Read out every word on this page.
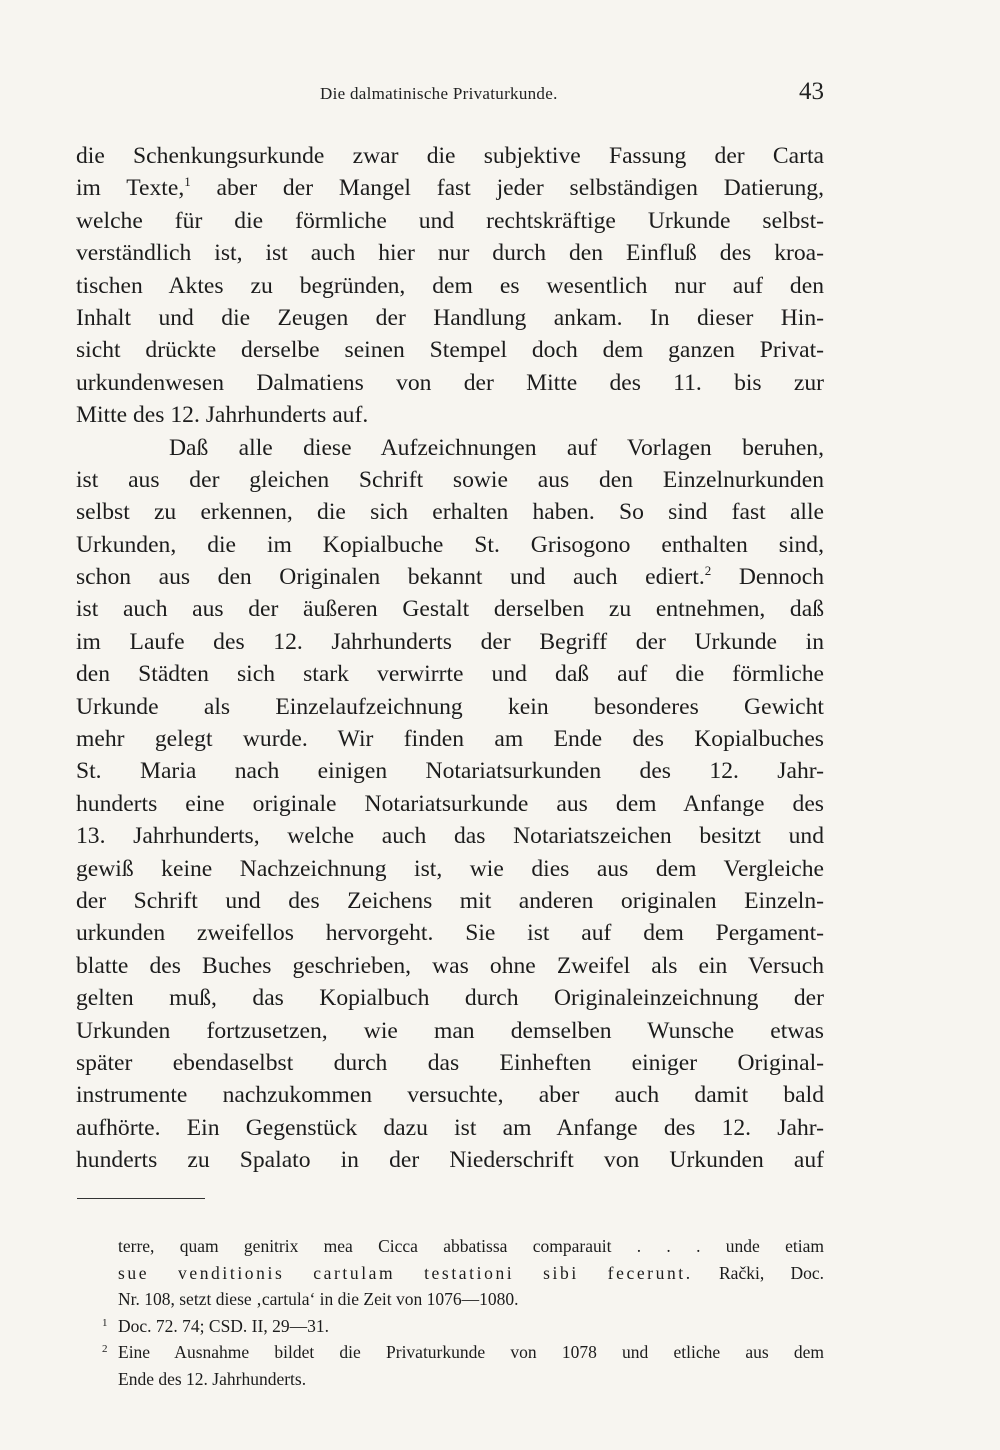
Die dalmatinische Privaturkunde.	43
die Schenkungsurkunde zwar die subjektive Fassung der Carta
im Texte,$^1$ aber der Mangel fast jeder selbständigen Datierung,
welche für die förmliche und rechtskräftige Urkunde selbst-
verständlich ist, ist auch hier nur durch den Einfluß des kroa-
tischen Aktes zu begründen, dem es wesentlich nur auf den
Inhalt und die Zeugen der Handlung ankam. In dieser Hin-
sicht drückte derselbe seinen Stempel doch dem ganzen Privat-
urkundenwesen Dalmatiens von der Mitte des 11. bis zur
Mitte des 12. Jahrhunderts auf.
Daß alle diese Aufzeichnungen auf Vorlagen beruhen,
ist aus der gleichen Schrift sowie aus den Einzelnurkunden
selbst zu erkennen, die sich erhalten haben. So sind fast alle
Urkunden, die im Kopialbuche St. Grisogono enthalten sind,
schon aus den Originalen bekannt und auch ediert.$^2$ Dennoch
ist auch aus der äußeren Gestalt derselben zu entnehmen, daß
im Laufe des 12. Jahrhunderts der Begriff der Urkunde in
den Städten sich stark verwirrte und daß auf die förmliche
Urkunde als Einzelaufzeichnung kein besonderes Gewicht
mehr gelegt wurde. Wir finden am Ende des Kopialbuches
St. Maria nach einigen Notariatsurkunden des 12. Jahr-
hunderts eine originale Notariatsurkunde aus dem Anfange des
13. Jahrhunderts, welche auch das Notariatszeichen besitzt und
gewiß keine Nachzeichnung ist, wie dies aus dem Vergleiche
der Schrift und des Zeichens mit anderen originalen Einzeln-
urkunden zweifellos hervorgeht. Sie ist auf dem Pergament-
blatte des Buches geschrieben, was ohne Zweifel als ein Versuch
gelten muß, das Kopialbuch durch Originaleinzeichnung der
Urkunden fortzusetzen, wie man demselben Wunsche etwas
später ebendaselbst durch das Einheften einiger Original-
instrumente nachzukommen versuchte, aber auch damit bald
aufhörte. Ein Gegenstück dazu ist am Anfange des 12. Jahr-
hunderts zu Spalato in der Niederschrift von Urkunden auf
terre, quam genitrix mea Cicca abbatissa comparauit . . . unde etiam
sue venditionis cartulam testationi sibi fecerunt. Rački, Doc.
Nr. 108, setzt diese ‚cartula‘ in die Zeit von 1076—1080.
1 Doc. 72. 74; CSD. II, 29—31.
2 Eine Ausnahme bildet die Privaturkunde von 1078 und etliche aus dem
Ende des 12. Jahrhunderts.
